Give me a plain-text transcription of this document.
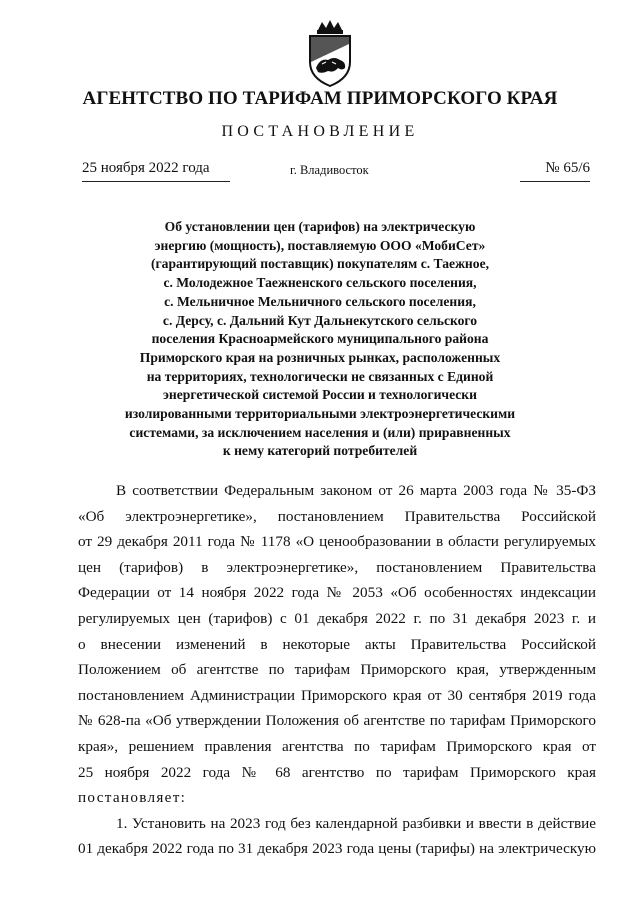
АГЕНТСТВО ПО ТАРИФАМ ПРИМОРСКОГО КРАЯ
ПОСТАНОВЛЕНИЕ
25 ноября 2022 года	г. Владивосток	№ 65/6
Об установлении цен (тарифов) на электрическую
энергию (мощность), поставляемую ООО «МобиСет»
(гарантирующий поставщик) покупателям с. Таежное,
с. Молодежное Таежненского сельского поселения,
с. Мельничное Мельничного сельского поселения,
с. Дерсу, с. Дальний Кут Дальнекутского сельского
поселения Красноармейского муниципального района
Приморского края на розничных рынках, расположенных
на территориях, технологически не связанных с Единой
энергетической системой России и технологически
изолированными территориальными электроэнергетическими
системами, за исключением населения и (или) приравненных
к нему категорий потребителей
В соответствии Федеральным законом от 26 марта 2003 года № 35-ФЗ
«Об электроэнергетике», постановлением Правительства Российской
от 29 декабря 2011 года № 1178 «О ценообразовании в области регулируемых
цен (тарифов) в электроэнергетике», постановлением Правительства
Федерации от 14 ноября 2022 года № 2053 «Об особенностях индексации
регулируемых цен (тарифов) с 01 декабря 2022 г. по 31 декабря 2023 г. и
о внесении изменений в некоторые акты Правительства Российской
Положением об агентстве по тарифам Приморского края, утвержденным
постановлением Администрации Приморского края от 30 сентября 2019 года
№ 628-па «Об утверждении Положения об агентстве по тарифам Приморского
края», решением правления агентства по тарифам Приморского края от
25 ноября 2022 года № 68 агентство по тарифам Приморского края
постановляет:
1. Установить на 2023 год без календарной разбивки и ввести в действие
01 декабря 2022 года по 31 декабря 2023 года цены (тарифы) на электрическую
